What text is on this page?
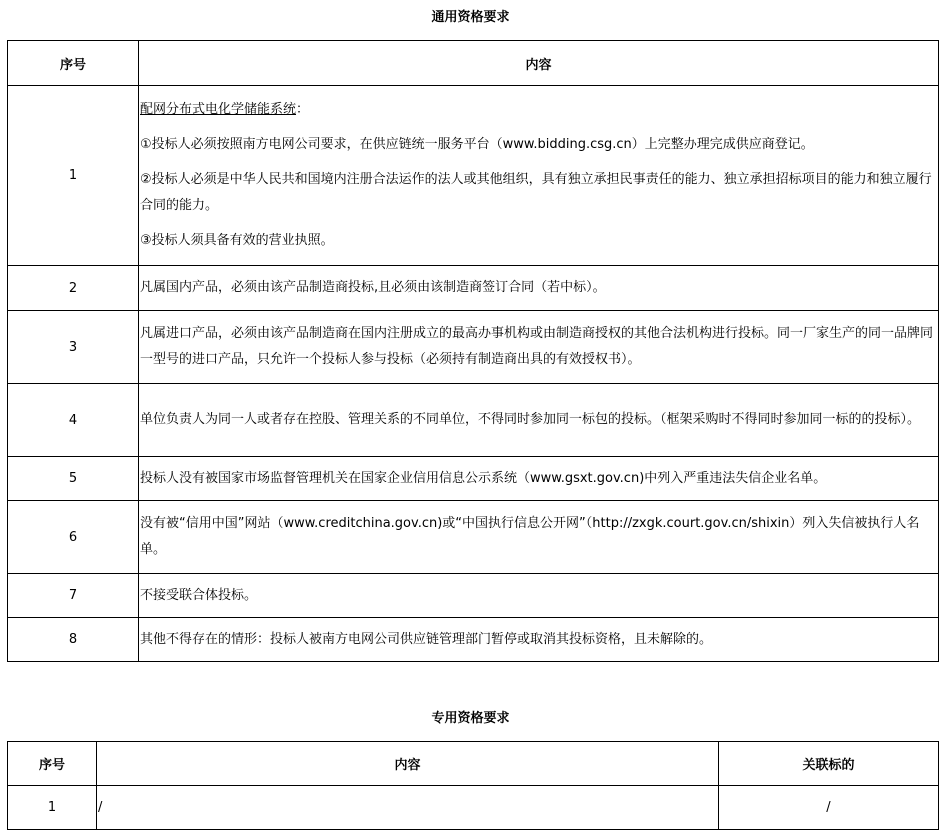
通用资格要求
序号	内容
1	配网分布式电化学储能系统：

①投标人必须按照南方电网公司要求，在供应链统一服务平台（www.bidding.csg.cn）上完整办理完成供应商登记。

②投标人必须是中华人民共和国境内注册合法运作的法人或其他组织，具有独立承担民事责任的能力、独立承担招标项目的能力和独立履行合同的能力。

③投标人须具备有效的营业执照。

2	凡属国内产品，必须由该产品制造商投标,且必须由该制造商签订合同（若中标）。
3	凡属进口产品，必须由该产品制造商在国内注册成立的最高办事机构或由制造商授权的其他合法机构进行投标。同一厂家生产的同一品牌同一型号的进口产品，只允许一个投标人参与投标（必须持有制造商出具的有效授权书）。
4	单位负责人为同一人或者存在控股、管理关系的不同单位，不得同时参加同一标包的投标。（框架采购时不得同时参加同一标的的投标）。
5	投标人没有被国家市场监督管理机关在国家企业信用信息公示系统（www.gsxt.gov.cn)中列入严重违法失信企业名单。
6	没有被“信用中国”网站（www.creditchina.gov.cn)或“中国执行信息公开网”（http://zxgk.court.gov.cn/shixin）列入失信被执行人名单。
7	不接受联合体投标。
8	其他不得存在的情形：投标人被南方电网公司供应链管理部门暂停或取消其投标资格，且未解除的。
专用资格要求
序号	内容	关联标的
1	/	/
